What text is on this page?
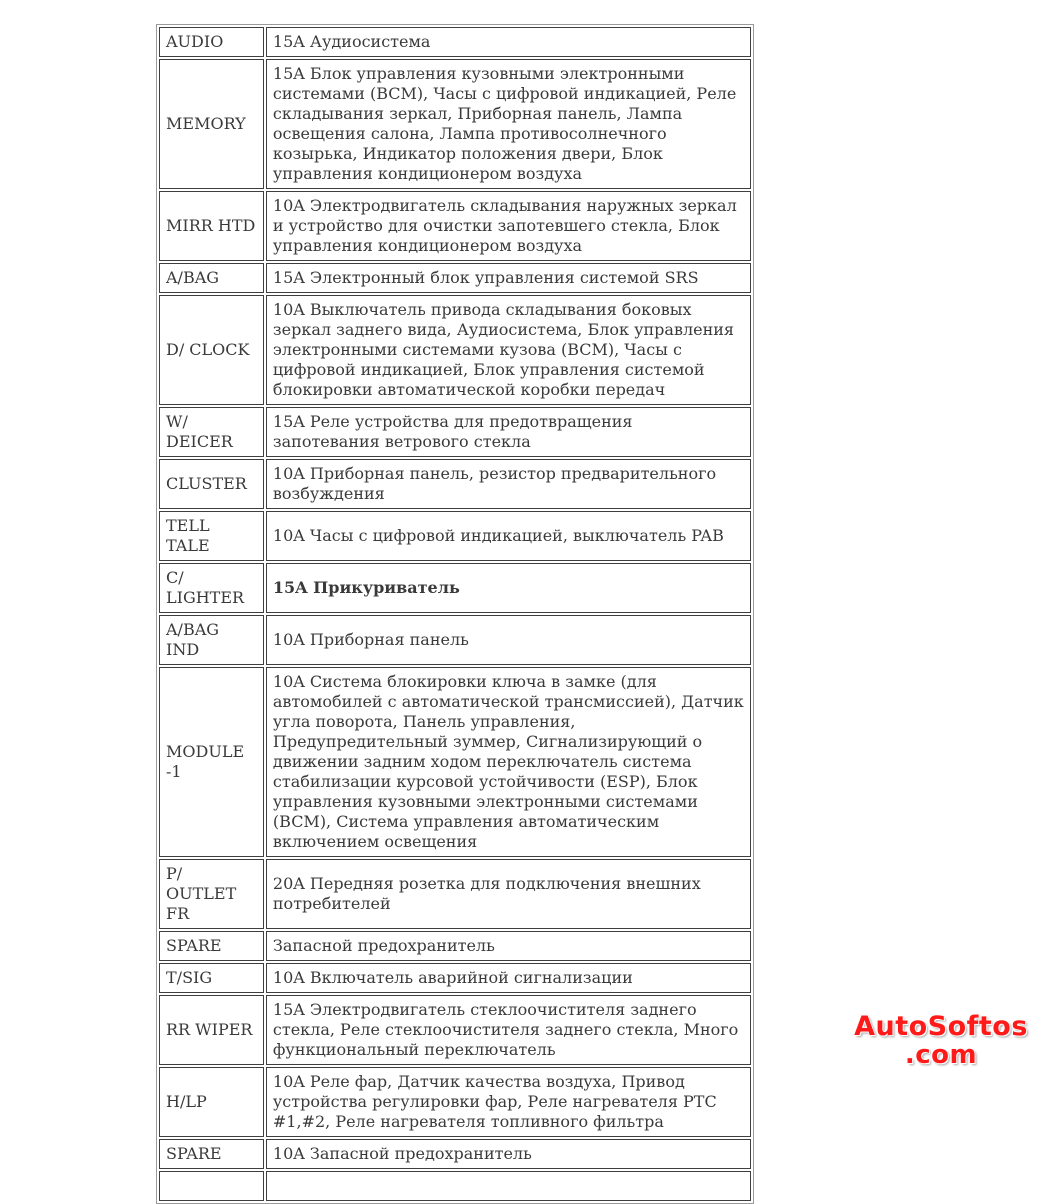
AUDIO	15A Аудиосистема
MEMORY	15A Блок управления кузовными электронными системами (BCM), Часы с цифровой индикацией, Реле складывания зеркал, Приборная панель, Лампа освещения салона, Лампа противосолнечного козырька, Индикатор положения двери, Блок управления кондиционером воздуха
MIRR HTD	10A Электродвигатель складывания наружных зеркал и устройство для очистки запотевшего стекла, Блок управления кондиционером воздуха
A/BAG	15A Электронный блок управления системой SRS
D/ CLOCK	10A Выключатель привода складывания боковых зеркал заднего вида, Аудиосистема, Блок управления электронными системами кузова (BCM), Часы с цифровой индикацией, Блок управления системой блокировки автоматической коробки передач
W/ DEICER	15A Реле устройства для предотвращения запотевания ветрового стекла
CLUSTER	10A Приборная панель, резистор предварительного возбуждения
TELL TALE	10A Часы с цифровой индикацией, выключатель PAB
C/ LIGHTER	15A Прикуриватель
A/BAG IND	10A Приборная панель
MODULE -1	10A Система блокировки ключа в замке (для автомобилей с автоматической трансмиссией), Датчик угла поворота, Панель управления, Предупредительный зуммер, Сигнализирующий о движении задним ходом переключатель система стабилизации курсовой устойчивости (ESP), Блок управления кузовными электронными системами (BCM), Система управления автоматическим включением освещения
P/ OUTLET FR	20A Передняя розетка для подключения внешних потребителей
SPARE	Запасной предохранитель
T/SIG	10A Включатель аварийной сигнализации
RR WIPER	15A Электродвигатель стеклоочистителя заднего стекла, Реле стеклоочистителя заднего стекла, Много функциональный переключатель
H/LP	10A Реле фар, Датчик качества воздуха, Привод устройства регулировки фар, Реле нагревателя PTC #1,#2, Реле нагревателя топливного фильтра
SPARE	10A Запасной предохранитель

AutoSoftos
.com
